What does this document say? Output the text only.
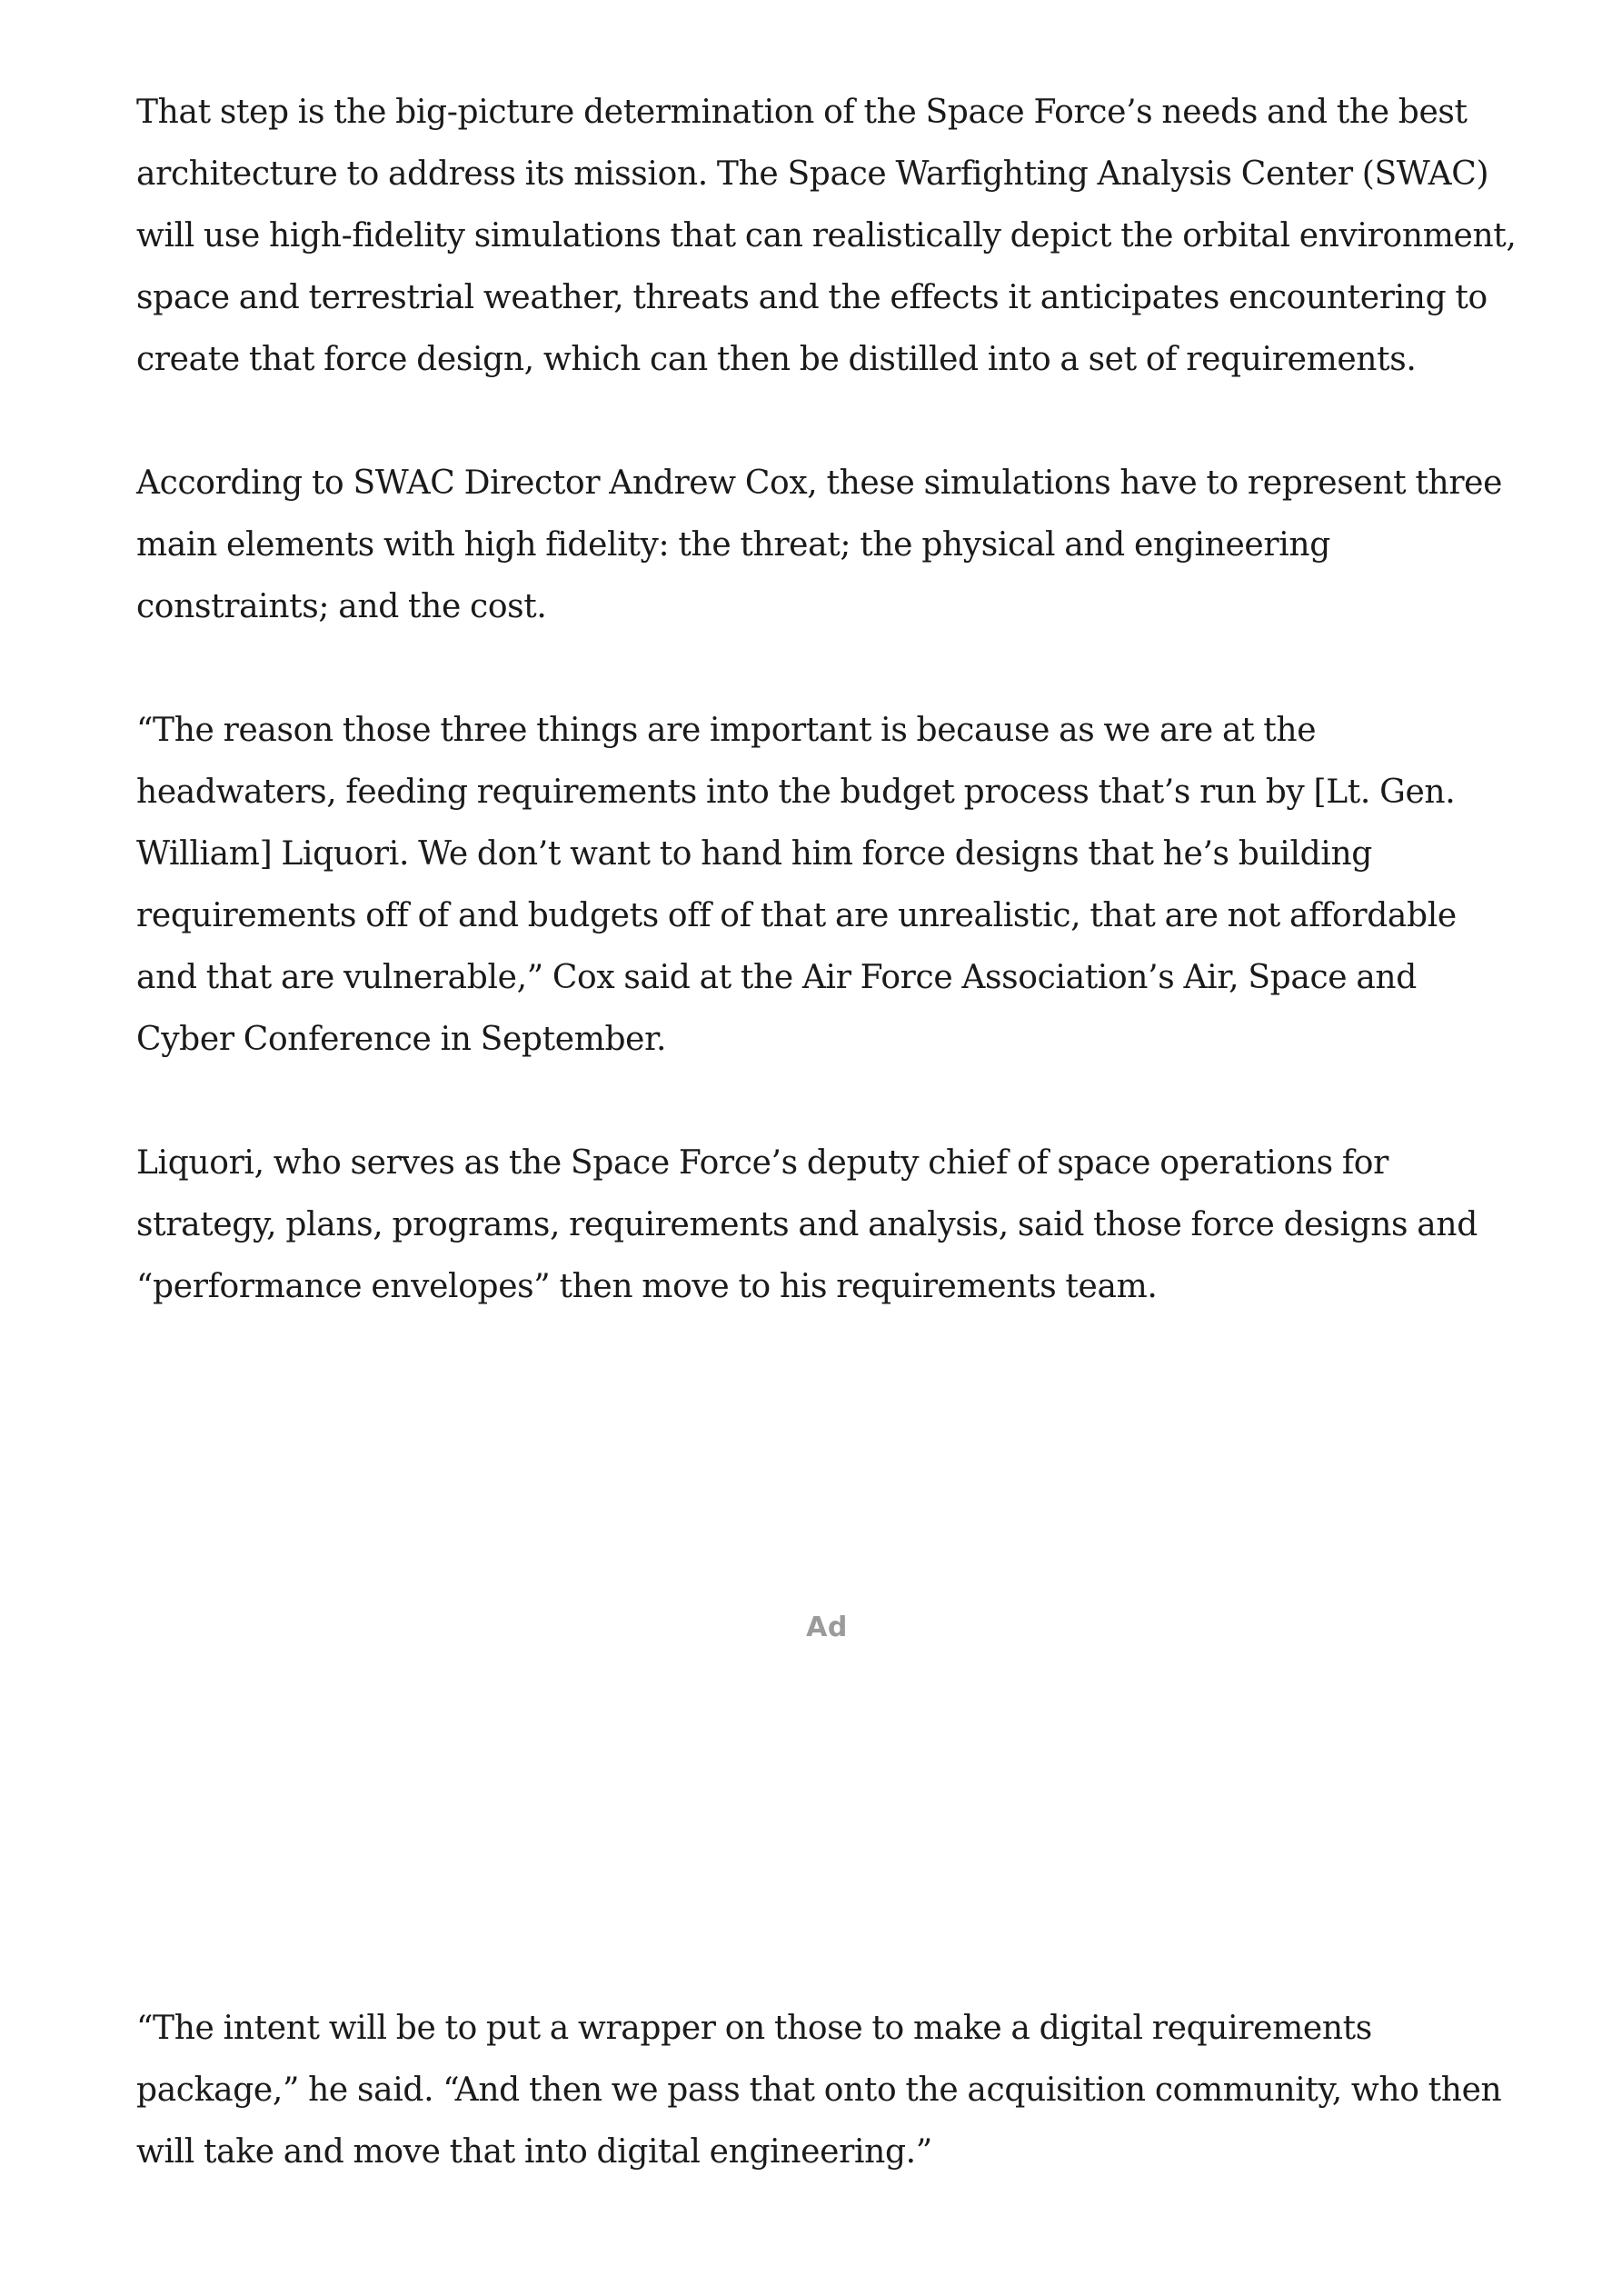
That step is the big-picture determination of the Space Force’s needs and the best architecture to address its mission. The Space Warfighting Analysis Center (SWAC) will use high-fidelity simulations that can realistically depict the orbital environment, space and terrestrial weather, threats and the effects it anticipates encountering to create that force design, which can then be distilled into a set of requirements.

According to SWAC Director Andrew Cox, these simulations have to represent three main elements with high fidelity: the threat; the physical and engineering constraints; and the cost.

“The reason those three things are important is because as we are at the headwaters, feeding requirements into the budget process that’s run by [Lt. Gen. William] Liquori. We don’t want to hand him force designs that he’s building requirements off of and budgets off of that are unrealistic, that are not affordable and that are vulnerable,” Cox said at the Air Force Association’s Air, Space and Cyber Conference in September.

Liquori, who serves as the Space Force’s deputy chief of space operations for strategy, plans, programs, requirements and analysis, said those force designs and “performance envelopes” then move to his requirements team.

Ad

“The intent will be to put a wrapper on those to make a digital requirements package,” he said. “And then we pass that onto the acquisition community, who then will take and move that into digital engineering.”
